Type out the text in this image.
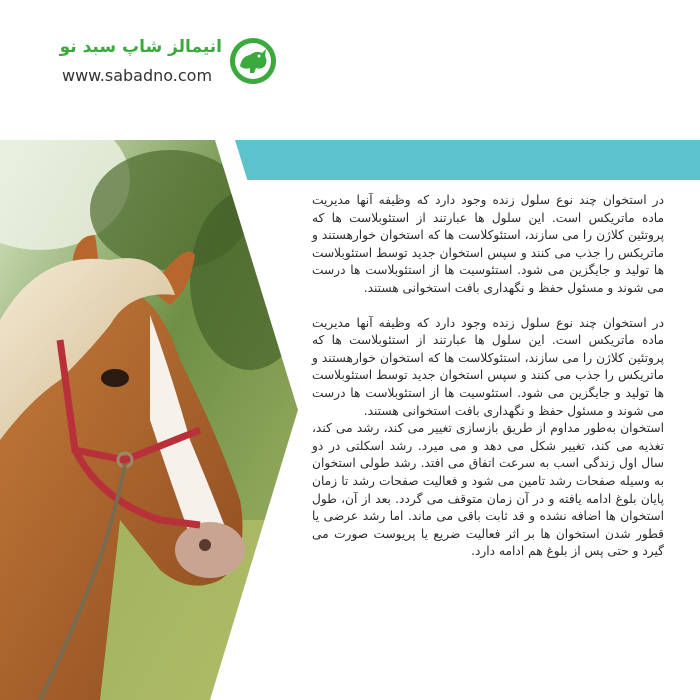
انیمالز شاپ سبد نو
www.sabadno.com

در استخوان چند نوع سلول زنده وجود دارد که وظیفه آنها مدیریت ماده ماتریکس است. این سلول ها عبارتند از استئوبلاست ها که پروتئین کلاژن را می سازند، استئوکلاست ها که استخوان خوارهستند و ماتریکس را جذب می کنند و سپس استخوان جدید توسط استئوبلاست ها تولید و جایگزین می شود. استئوسیت ها از استئوبلاست ها درست می شوند و مسئول حفظ و نگهداری بافت استخوانی هستند.

در استخوان چند نوع سلول زنده وجود دارد که وظیفه آنها مدیریت ماده ماتریکس است. این سلول ها عبارتند از استئوبلاست ها که پروتئین کلاژن را می سازند، استئوکلاست ها که استخوان خوارهستند و ماتریکس را جذب می کنند و سپس استخوان جدید توسط استئوبلاست ها تولید و جایگزین می شود. استئوسیت ها از استئوبلاست ها درست می شوند و مسئول حفظ و نگهداری بافت استخوانی هستند.

استخوان به‌طور مداوم از طریق بازسازی تغییر می کند، رشد می کند، تغذیه می کند، تغییر شکل می دهد و می میرد. رشد اسکلتی در دو سال اول زندگی اسب به سرعت اتفاق می افتد. رشد طولی استخوان به وسیله صفحات رشد تامین می شود و فعالیت صفحات رشد تا زمان پایان بلوغ ادامه یافته و در آن زمان متوقف می گردد. بعد از آن، طول استخوان ها اضافه نشده و قد ثابت باقی می ماند. اما رشد عرضی یا قطور شدن استخوان ها بر اثر فعالیت ضریع یا پریوست صورت می گیرد و حتی پس از بلوغ هم ادامه دارد.
